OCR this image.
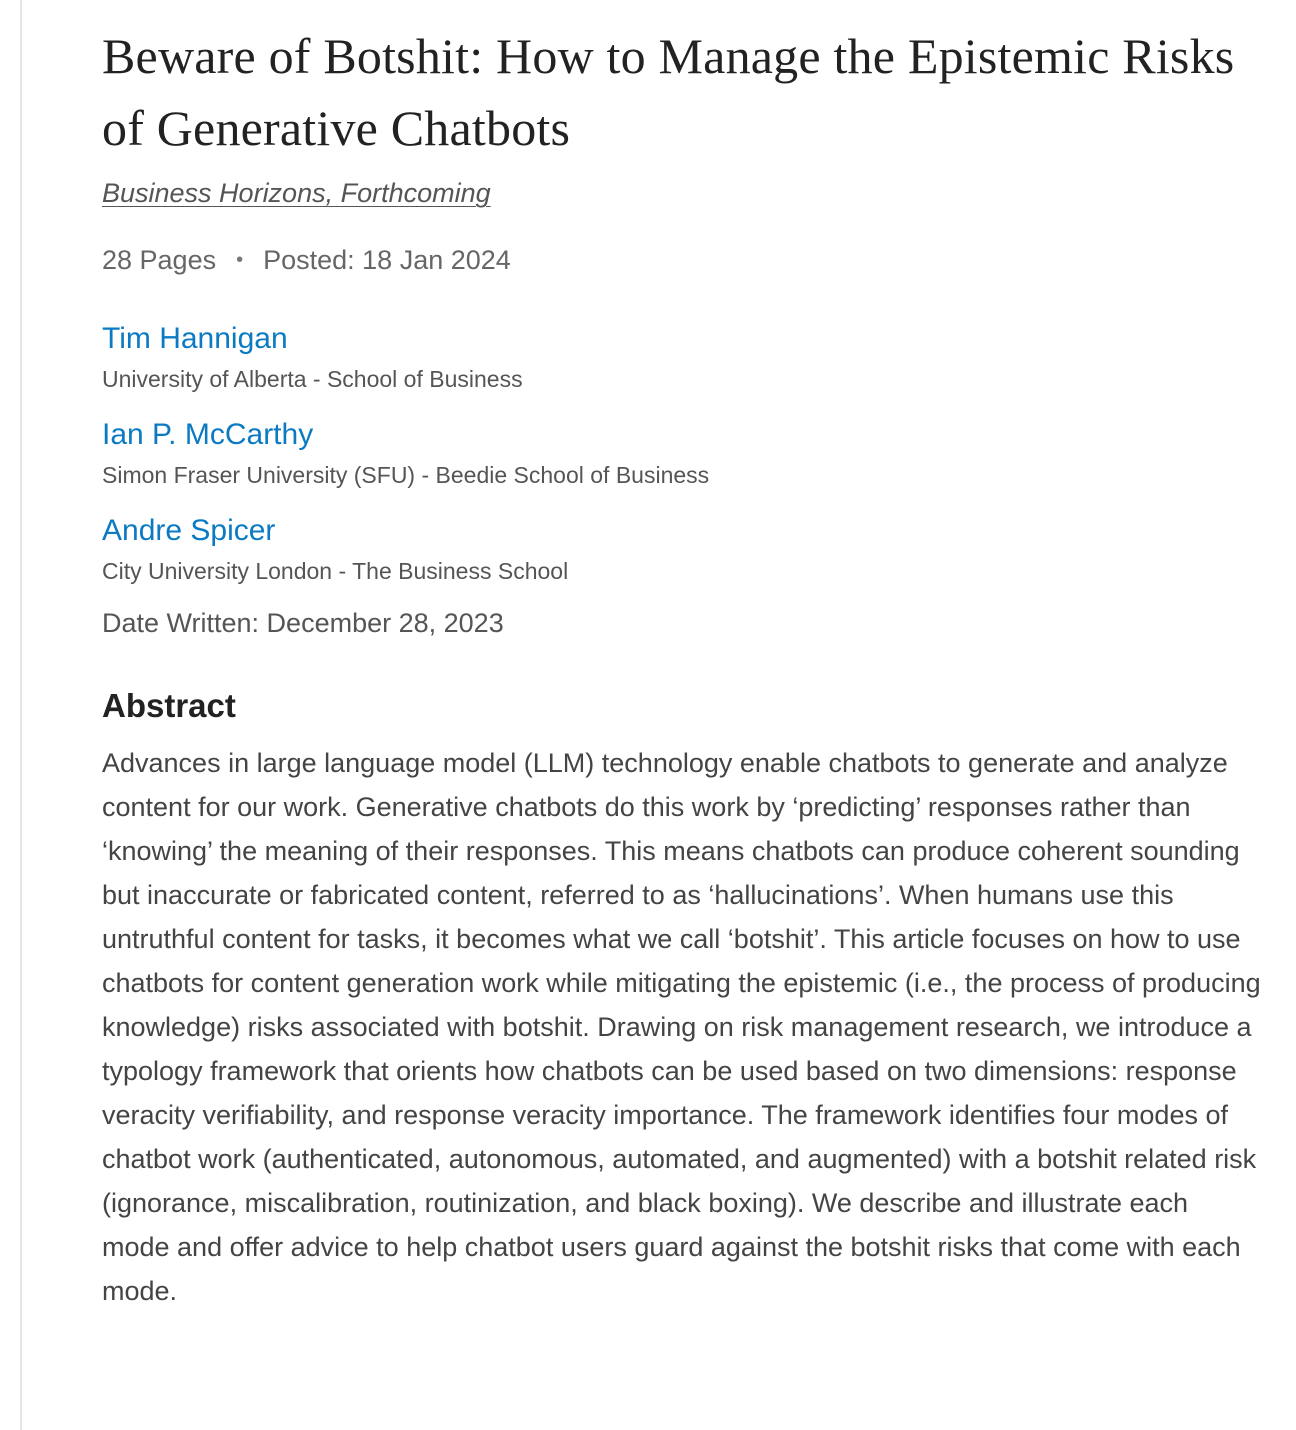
Beware of Botshit: How to Manage the Epistemic Risks of Generative Chatbots
Business Horizons, Forthcoming
28 Pages • Posted: 18 Jan 2024
Tim Hannigan
University of Alberta - School of Business
Ian P. McCarthy
Simon Fraser University (SFU) - Beedie School of Business
Andre Spicer
City University London - The Business School
Date Written: December 28, 2023
Abstract

Advances in large language model (LLM) technology enable chatbots to generate and analyze content for our work. Generative chatbots do this work by ‘predicting’ responses rather than ‘knowing’ the meaning of their responses. This means chatbots can produce coherent sounding but inaccurate or fabricated content, referred to as ‘hallucinations’. When humans use this untruthful content for tasks, it becomes what we call ‘botshit’. This article focuses on how to use chatbots for content generation work while mitigating the epistemic (i.e., the process of producing knowledge) risks associated with botshit. Drawing on risk management research, we introduce a typology framework that orients how chatbots can be used based on two dimensions: response veracity verifiability, and response veracity importance. The framework identifies four modes of chatbot work (authenticated, autonomous, automated, and augmented) with a botshit related risk (ignorance, miscalibration, routinization, and black boxing). We describe and illustrate each mode and offer advice to help chatbot users guard against the botshit risks that come with each mode.
